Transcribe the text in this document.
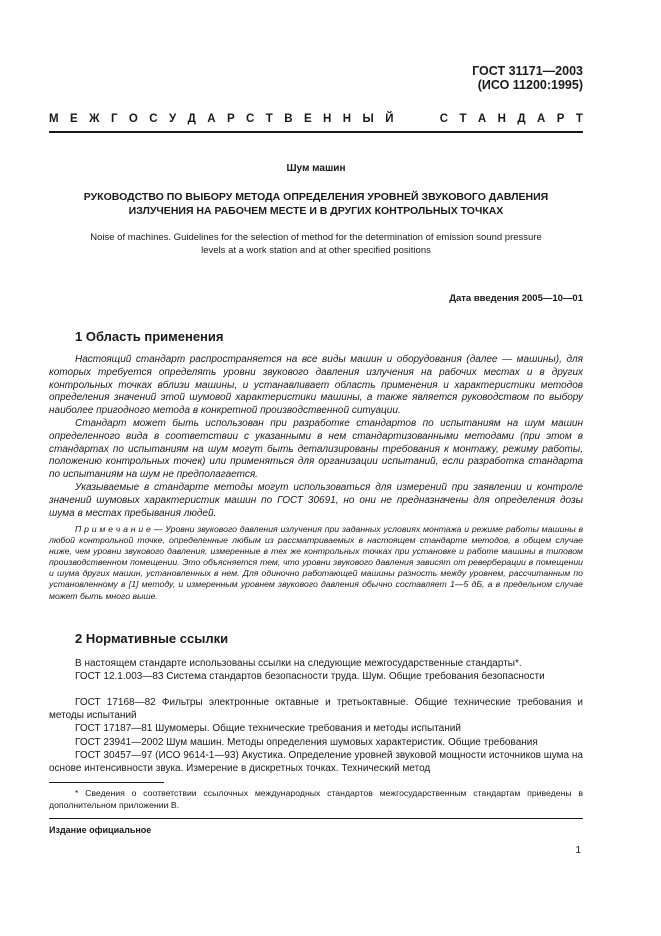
ГОСТ 31171—2003
(ИСО 11200:1995)
М Е Ж Г О С У Д А Р С Т В Е Н Н Ы Й	С Т А Н Д А Р Т
Шум машин
РУКОВОДСТВО ПО ВЫБОРУ МЕТОДА ОПРЕДЕЛЕНИЯ УРОВНЕЙ ЗВУКОВОГО ДАВЛЕНИЯ
ИЗЛУЧЕНИЯ НА РАБОЧЕМ МЕСТЕ И В ДРУГИХ КОНТРОЛЬНЫХ ТОЧКАХ
Noise of machines. Guidelines for the selection of method for the determination of emission sound pressure
levels at a work station and at other specified positions
Дата введения 2005—10—01
1 Область применения
Настоящий стандарт распространяется на все виды машин и оборудования (далее — машины), для которых требуется определять уровни звукового давления излучения на рабочих местах и в других контрольных точках вблизи машины, и устанавливает область применения и характеристики методов определения значений этой шумовой характеристики машины, а также является руководством по выбору наиболее пригодного метода в конкретной производственной ситуации.
Стандарт может быть использован при разработке стандартов по испытаниям на шум машин определенного вида в соответствии с указанными в нем стандартизованными методами (при этом в стандартах по испытаниям на шум могут быть детализированы требования к монтажу, режиму работы, положению контрольных точек) или применяться для организации испытаний, если разработка стандарта по испытаниям на шум не предполагается.
Указываемые в стандарте методы могут использоваться для измерений при заявлении и контроле значений шумовых характеристик машин по ГОСТ 30691, но они не предназначены для определения дозы шума в местах пребывания людей.
П р и м е ч а н и е — Уровни звукового давления излучения при заданных условиях монтажа и режиме работы машины в любой контрольной точке, определенные любым из рассматриваемых в настоящем стандарте методов, в общем случае ниже, чем уровни звукового давления, измеренные в тех же контрольных точках при установке и работе машины в типовом производственном помещении. Это объясняется тем, что уровни звукового давления зависят от реверберации в помещении и шума других машин, установленных в нем. Для одиночно работающей машины разность между уровнем, рассчитанным по установленному в [1] методу, и измеренным уровнем звукового давления обычно составляет 1—5 дБ, а в предельном случае может быть много выше.
2 Нормативные ссылки
В настоящем стандарте использованы ссылки на следующие межгосударственные стандарты*.
ГОСТ 12.1.003—83 Система стандартов безопасности труда. Шум. Общие требования безопасности
ГОСТ 17168—82 Фильтры электронные октавные и третьоктавные. Общие технические требования и методы испытаний
ГОСТ 17187—81 Шумомеры. Общие технические требования и методы испытаний
ГОСТ 23941—2002 Шум машин. Методы определения шумовых характеристик. Общие требования
ГОСТ 30457—97 (ИСО 9614-1—93) Акустика. Определение уровней звуковой мощности источников шума на основе интенсивности звука. Измерение в дискретных точках. Технический метод
* Сведения о соответствии ссылочных международных стандартов межгосударственным стандартам приведены в дополнительном приложении В.
Издание официальное
1
